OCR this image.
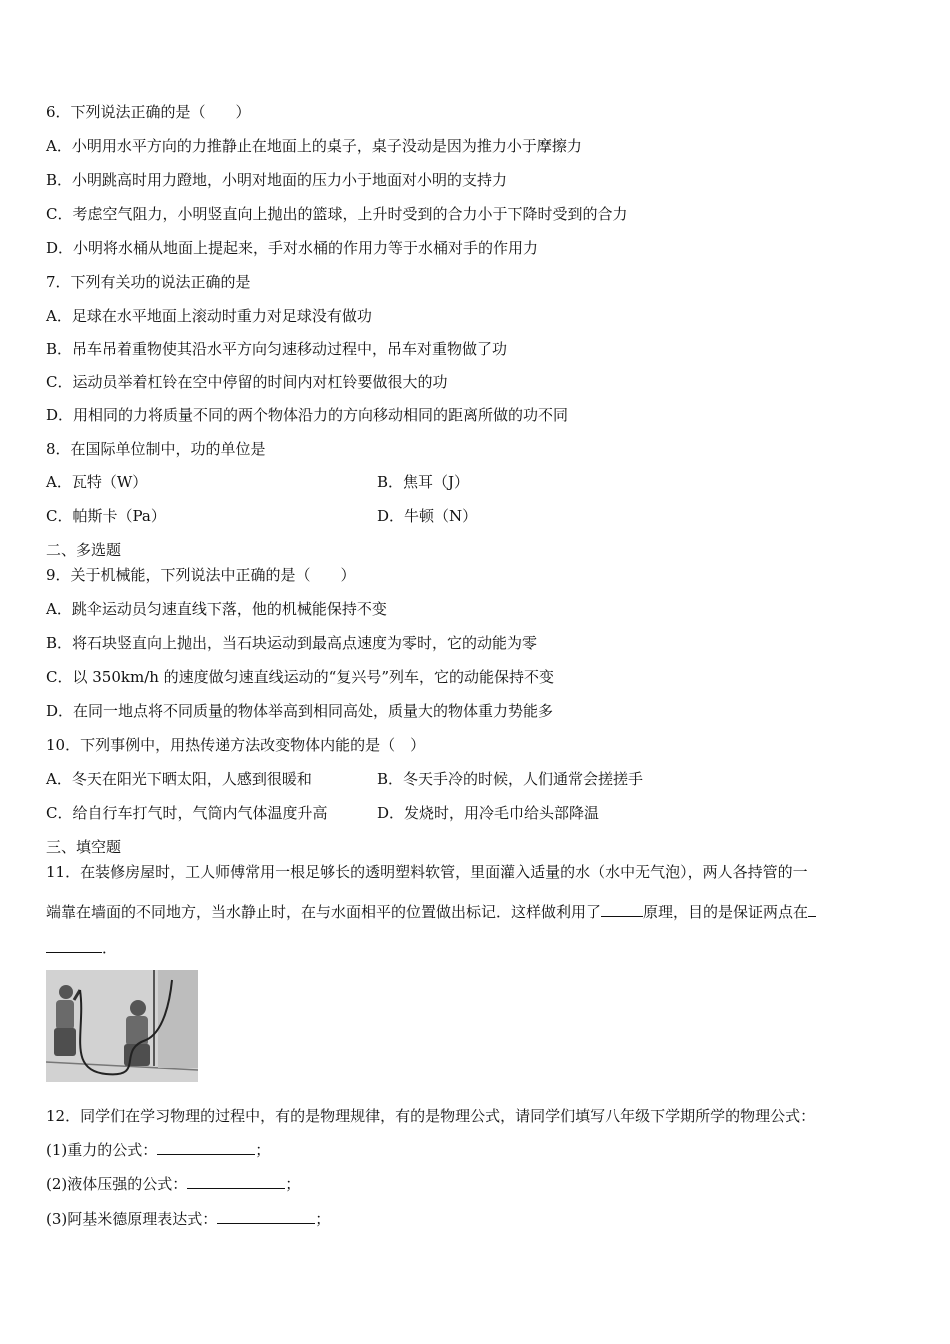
6．下列说法正确的是（　　）
A．小明用水平方向的力推静止在地面上的桌子，桌子没动是因为推力小于摩擦力
B．小明跳高时用力蹬地，小明对地面的压力小于地面对小明的支持力
C．考虑空气阻力，小明竖直向上抛出的篮球，上升时受到的合力小于下降时受到的合力
D．小明将水桶从地面上提起来，手对水桶的作用力等于水桶对手的作用力
7．下列有关功的说法正确的是
A．足球在水平地面上滚动时重力对足球没有做功
B．吊车吊着重物使其沿水平方向匀速移动过程中，吊车对重物做了功
C．运动员举着杠铃在空中停留的时间内对杠铃要做很大的功
D．用相同的力将质量不同的两个物体沿力的方向移动相同的距离所做的功不同
8．在国际单位制中，功的单位是
A．瓦特（W）	B．焦耳（J）
C．帕斯卡（Pa）	D．牛顿（N）
二、多选题
9．关于机械能，下列说法中正确的是（　　）
A．跳伞运动员匀速直线下落，他的机械能保持不变
B．将石块竖直向上抛出，当石块运动到最高点速度为零时，它的动能为零
C．以 350km/h 的速度做匀速直线运动的“复兴号”列车，它的动能保持不变
D．在同一地点将不同质量的物体举高到相同高处，质量大的物体重力势能多
10．下列事例中，用热传递方法改变物体内能的是（　）
A．冬天在阳光下晒太阳，人感到很暖和	B．冬天手冷的时候，人们通常会搓搓手
C．给自行车打气时，气筒内气体温度升高	D．发烧时，用冷毛巾给头部降温
三、填空题
11．在装修房屋时，工人师傅常用一根足够长的透明塑料软管，里面灌入适量的水（水中无气泡），两人各持管的一
端靠在墙面的不同地方，当水静止时，在与水面相平的位置做出标记．这样做利用了	原理，目的是保证两点在
．
12．同学们在学习物理的过程中，有的是物理规律，有的是物理公式，请同学们填写八年级下学期所学的物理公式：
(1)重力的公式：	；
(2)液体压强的公式：	；
(3)阿基米德原理表达式：	；
